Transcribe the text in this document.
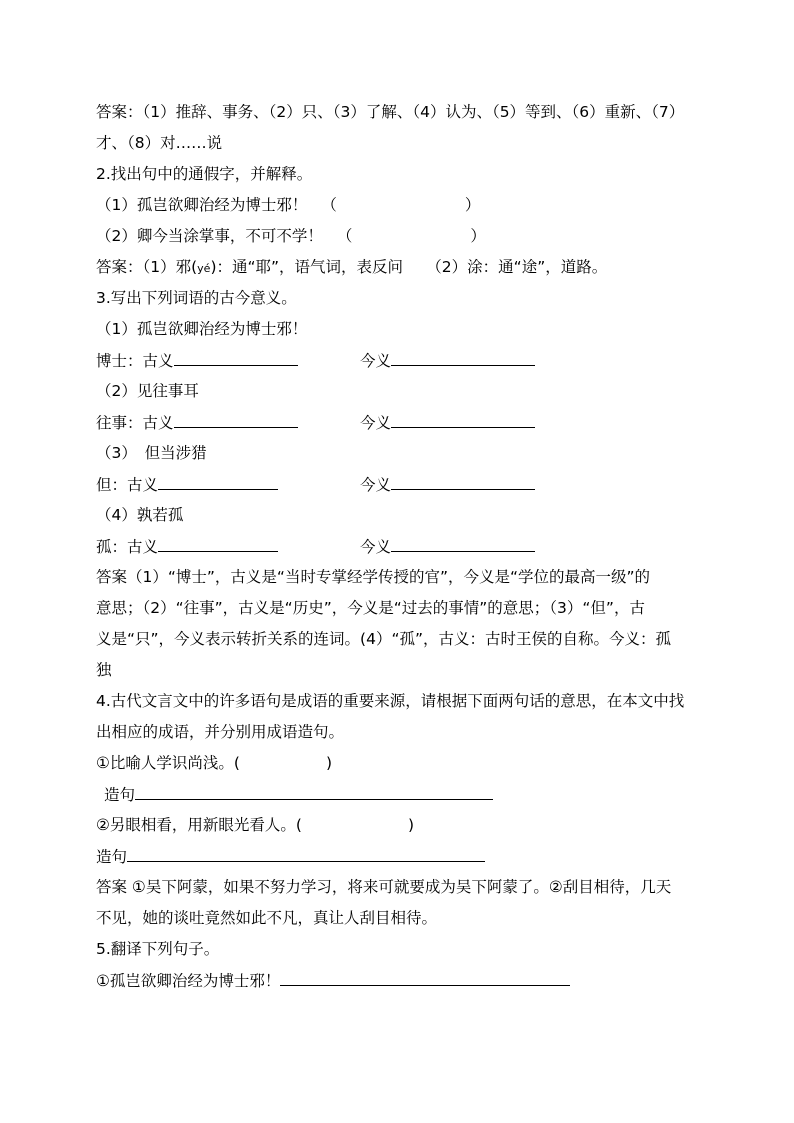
答案：（1）推辞、事务、（2）只、（3）了解、（4）认为、（5）等到、（6）重新、（7）
才、（8）对……说
2.找出句中的通假字，并解释。
（1）孤岂欲卿治经为博士邪！ （	）
（2）卿今当涂掌事，不可不学！ （	）
答案：（1）邪(yé)：通“耶”，语气词，表反问　　（2）涂：通“途”，道路。
3.写出下列词语的古今意义。
（1）孤岂欲卿治经为博士邪！
博士：古义	今义
（2）见往事耳
往事：古义	今义
（3）　但当涉猎
但：古义	今义
（4）孰若孤
孤：古义	今义
答案（1）“博士”，古义是“当时专掌经学传授的官”，今义是“学位的最高一级”的
意思；（2）“往事”，古义是“历史”，今义是“过去的事情”的意思；（3）“但”，古
义是“只”，今义表示转折关系的连词。(4）“孤”，古义：古时王侯的自称。今义：孤
独
4.古代文言文中的许多语句是成语的重要来源，请根据下面两句话的意思，在本文中找
出相应的成语，并分别用成语造句。
①比喻人学识尚浅。(	)
造句
②另眼相看，用新眼光看人。(	)
造句
答案 ①吴下阿蒙，如果不努力学习，将来可就要成为吴下阿蒙了。②刮目相待，几天
不见，她的谈吐竟然如此不凡，真让人刮目相待。
5.翻译下列句子。
①孤岂欲卿治经为博士邪！
